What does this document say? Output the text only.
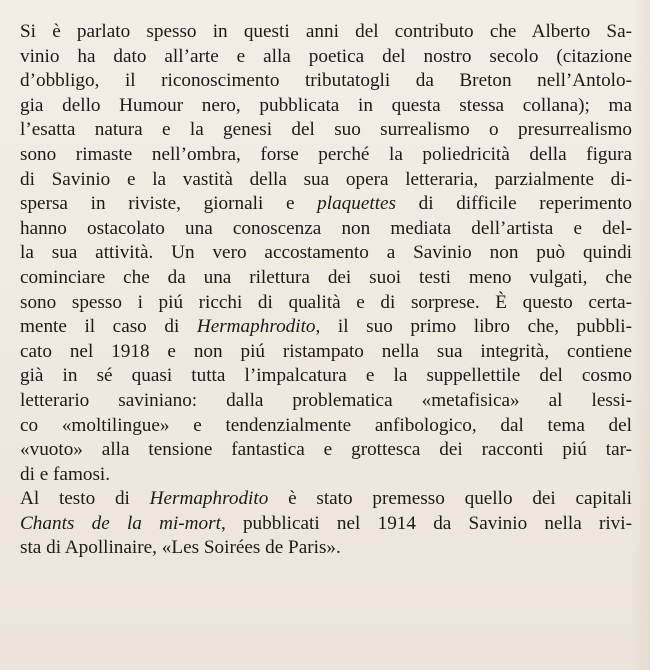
Si è parlato spesso in questi anni del contributo che Alberto Sa-
vinio ha dato all’arte e alla poetica del nostro secolo (citazione
d’obbligo, il riconoscimento tributatogli da Breton nell’Antolo-
gia dello Humour nero, pubblicata in questa stessa collana); ma
l’esatta natura e la genesi del suo surrealismo o presurrealismo
sono rimaste nell’ombra, forse perché la poliedricità della figura
di Savinio e la vastità della sua opera letteraria, parzialmente di-
spersa in riviste, giornali e plaquettes di difficile reperimento
hanno ostacolato una conoscenza non mediata dell’artista e del-
la sua attività. Un vero accostamento a Savinio non può quindi
cominciare che da una rilettura dei suoi testi meno vulgati, che
sono spesso i piú ricchi di qualità e di sorprese. È questo certa-
mente il caso di Hermaphrodito, il suo primo libro che, pubbli-
cato nel 1918 e non piú ristampato nella sua integrità, contiene
già in sé quasi tutta l’impalcatura e la suppellettile del cosmo
letterario saviniano: dalla problematica «metafisica» al lessi-
co «moltilingue» e tendenzialmente anfibologico, dal tema del
«vuoto» alla tensione fantastica e grottesca dei racconti piú tar-
di e famosi.
Al testo di Hermaphrodito è stato premesso quello dei capitali
Chants de la mi-mort, pubblicati nel 1914 da Savinio nella rivi-
sta di Apollinaire, «Les Soirées de Paris».
